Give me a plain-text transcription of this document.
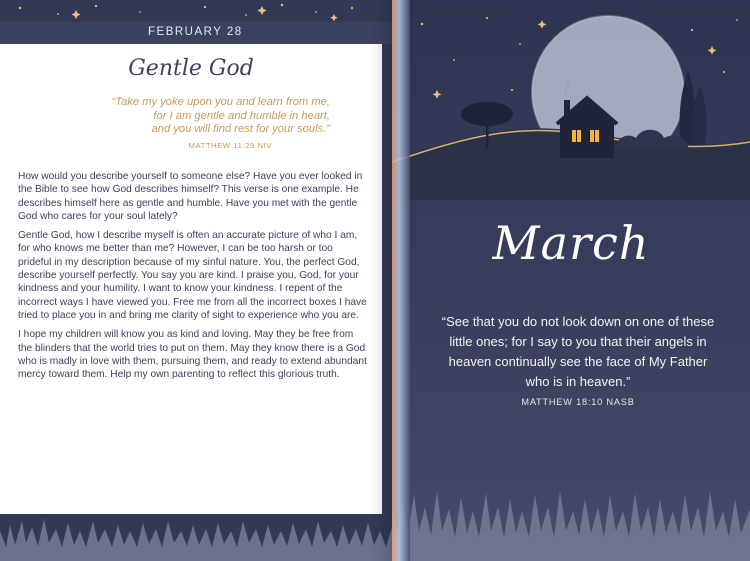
FEBRUARY 28
Gentle God
“Take my yoke upon you and learn from me,
for I am gentle and humble in heart,
and you will find rest for your souls.”
MATTHEW 11:29 NIV

How would you describe yourself to someone else? Have you ever looked in the Bible to see how God describes himself? This verse is one example. He describes himself here as gentle and humble. Have you met with the gentle God who cares for your soul lately?

Gentle God, how I describe myself is often an accurate picture of who I am, for who knows me better than me? However, I can be too harsh or too prideful in my description because of my sinful nature. You, the perfect God, describe yourself perfectly. You say you are kind. I praise you, God, for your kindness and your humility. I want to know your kindness. I repent of the incorrect ways I have viewed you. Free me from all the incorrect boxes I have tried to place you in and bring me clarity of sight to experience who you are.

I hope my children will know you as kind and loving. May they be free from the blinders that the world tries to put on them. May they know there is a God who is madly in love with them, pursuing them, and ready to extend abundant mercy toward them. Help my own parenting to reflect this glorious truth.

March
“See that you do not look down on one of these little ones; for I say to you that their angels in heaven continually see the face of My Father who is in heaven.”
MATTHEW 18:10 NASB
